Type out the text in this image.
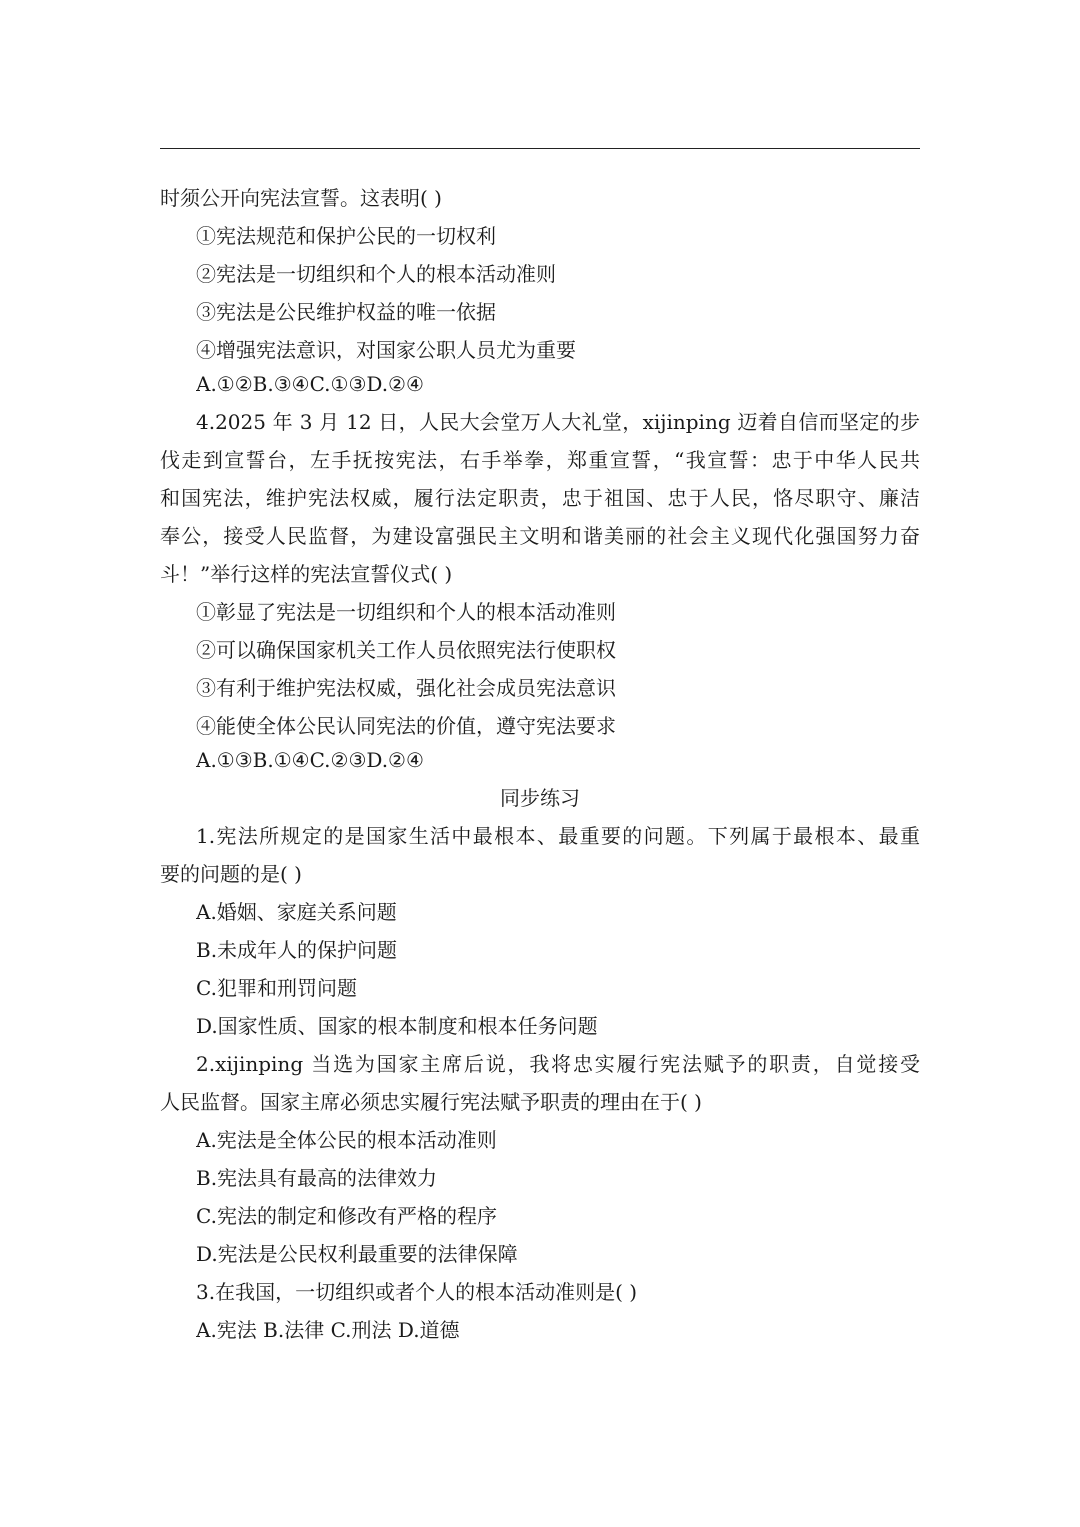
时须公开向宪法宣誓。这表明( )
①宪法规范和保护公民的一切权利
②宪法是一切组织和个人的根本活动准则
③宪法是公民维护权益的唯一依据
④增强宪法意识，对国家公职人员尤为重要
A.①②B.③④C.①③D.②④
4.2025 年 3 月 12 日，人民大会堂万人大礼堂，xijinping 迈着自信而坚定的步
伐走到宣誓台，左手抚按宪法，右手举拳，郑重宣誓，“我宣誓：忠于中华人民共
和国宪法，维护宪法权威，履行法定职责，忠于祖国、忠于人民，恪尽职守、廉洁
奉公，接受人民监督，为建设富强民主文明和谐美丽的社会主义现代化强国努力奋
斗！”举行这样的宪法宣誓仪式( )
①彰显了宪法是一切组织和个人的根本活动准则
②可以确保国家机关工作人员依照宪法行使职权
③有利于维护宪法权威，强化社会成员宪法意识
④能使全体公民认同宪法的价值，遵守宪法要求
A.①③B.①④C.②③D.②④
同步练习
1.宪法所规定的是国家生活中最根本、最重要的问题。下列属于最根本、最重
要的问题的是( )
A.婚姻、家庭关系问题
B.未成年人的保护问题
C.犯罪和刑罚问题
D.国家性质、国家的根本制度和根本任务问题
2.xijinping 当选为国家主席后说，我将忠实履行宪法赋予的职责，自觉接受
人民监督。国家主席必须忠实履行宪法赋予职责的理由在于( )
A.宪法是全体公民的根本活动准则
B.宪法具有最高的法律效力
C.宪法的制定和修改有严格的程序
D.宪法是公民权利最重要的法律保障
3.在我国，一切组织或者个人的根本活动准则是( )
A.宪法 B.法律 C.刑法 D.道德
